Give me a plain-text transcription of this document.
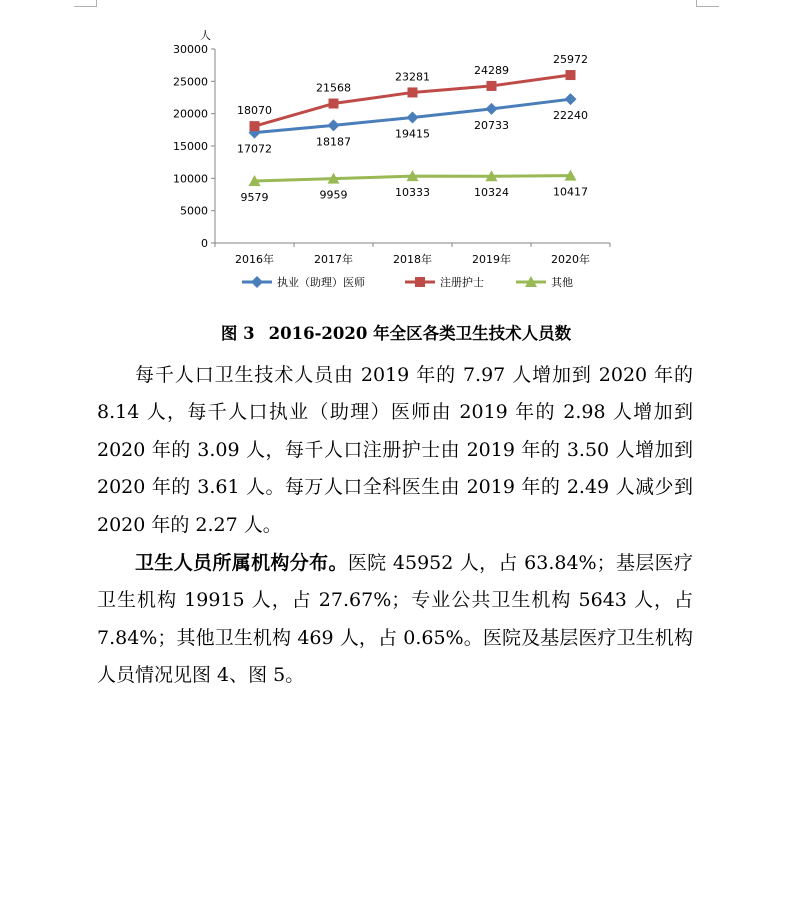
人
0
5000
10000
15000
20000
25000
30000
2016年	2017年	2018年	2019年	2020年
17072
18187
19415
20733
22240
18070
21568
23281
24289
25972
9579	9959	10333	10324	10417
执业（助理）医师	注册护士	其他
图 3 2016-2020 年全区各类卫生技术人员数

每千人口卫生技术人员由 2019 年的 7.97 人增加到 2020 年的 8.14 人，每千人口执业（助理）医师由 2019 年的 2.98 人增加到 2020 年的 3.09 人，每千人口注册护士由 2019 年的 3.50 人增加到 2020 年的 3.61 人。每万人口全科医生由 2019 年的 2.49 人减少到 2020 年的 2.27 人。

卫生人员所属机构分布。医院 45952 人，占 63.84%；基层医疗卫生机构 19915 人，占 27.67%；专业公共卫生机构 5643 人，占 7.84%；其他卫生机构 469 人，占 0.65%。医院及基层医疗卫生机构人员情况见图 4、图 5。
